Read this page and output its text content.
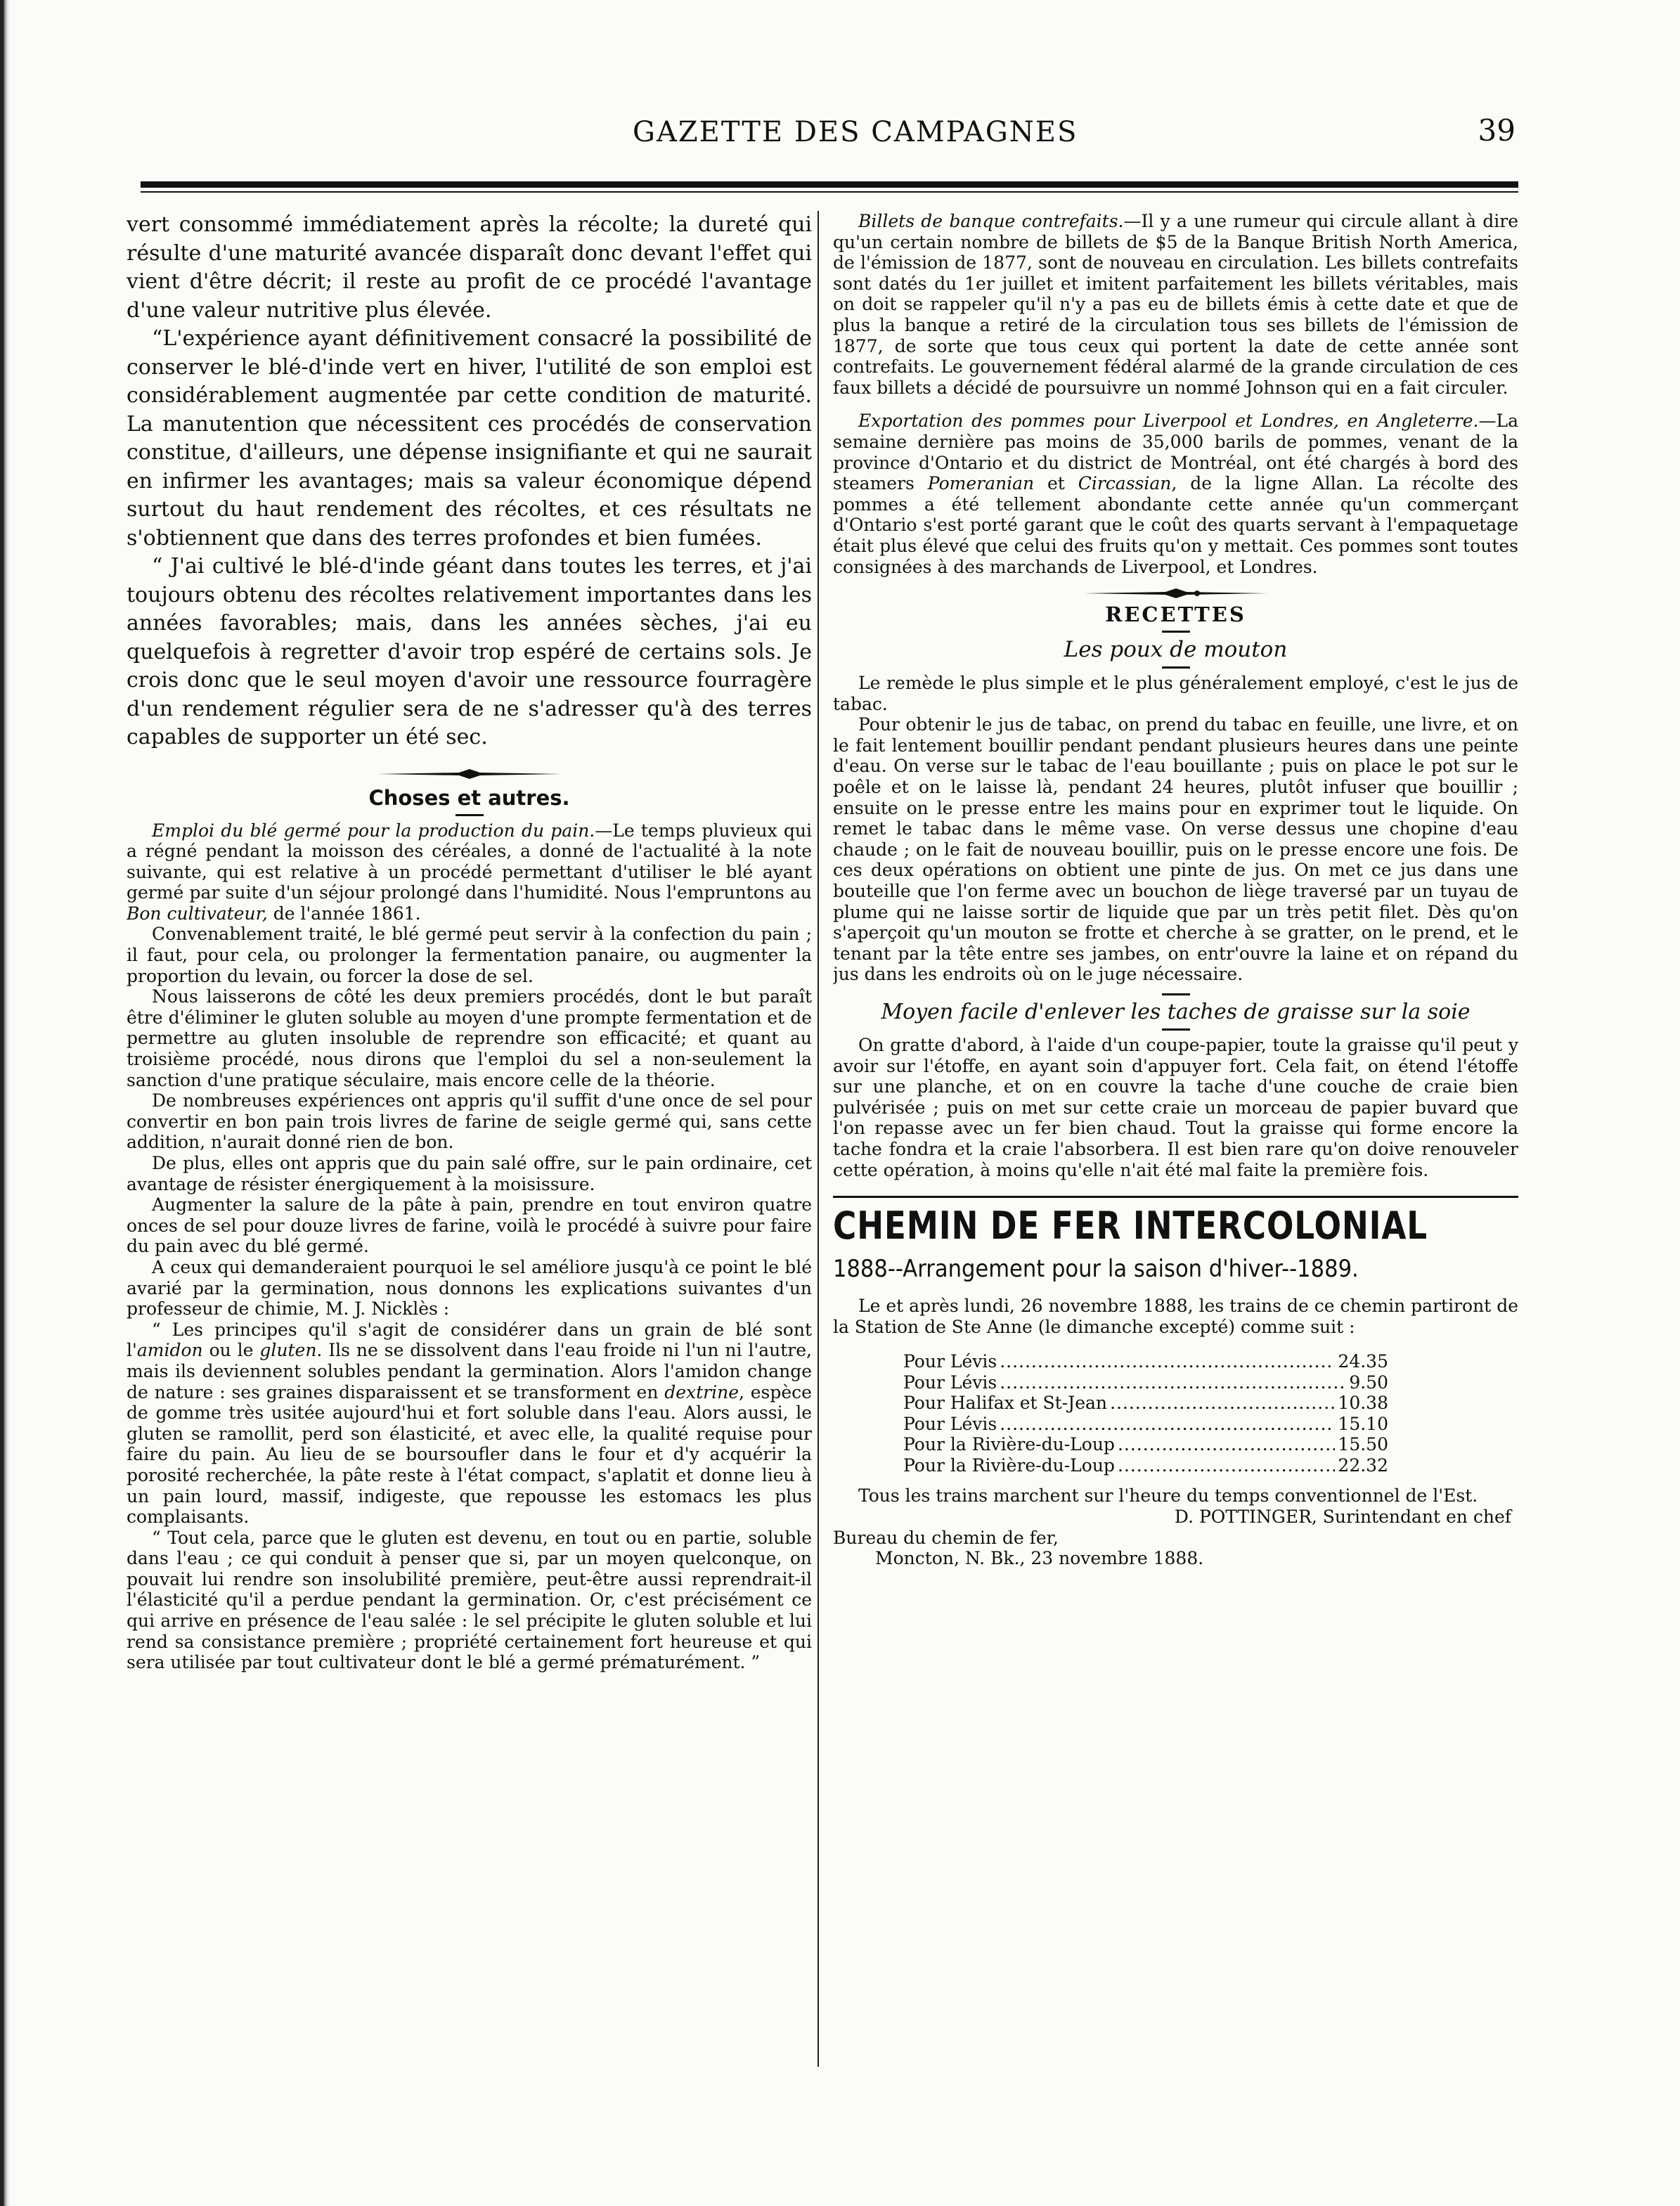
GAZETTE DES CAMPAGNES	39

vert consommé immédiatement après la récolte; la dureté qui résulte d'une maturité avancée disparaît donc devant l'effet qui vient d'être décrit; il reste au profit de ce procédé l'avantage d'une valeur nutritive plus élevée.

“L'expérience ayant définitivement consacré la possibilité de conserver le blé-d'inde vert en hiver, l'utilité de son emploi est considérablement augmentée par cette condition de maturité. La manutention que nécessitent ces procédés de conservation constitue, d'ailleurs, une dépense insignifiante et qui ne saurait en infirmer les avantages; mais sa valeur économique dépend surtout du haut rendement des récoltes, et ces résultats ne s'obtiennent que dans des terres profondes et bien fumées.

“ J'ai cultivé le blé-d'inde géant dans toutes les terres, et j'ai toujours obtenu des récoltes relativement importantes dans les années favorables; mais, dans les années sèches, j'ai eu quelquefois à regretter d'avoir trop espéré de certains sols. Je crois donc que le seul moyen d'avoir une ressource fourragère d'un rendement régulier sera de ne s'adresser qu'à des terres capables de supporter un été sec.

Choses et autres.

Emploi du blé germé pour la production du pain.—Le temps pluvieux qui a régné pendant la moisson des céréales, a donné de l'actualité à la note suivante, qui est relative à un procédé permettant d'utiliser le blé ayant germé par suite d'un séjour prolongé dans l'humidité. Nous l'empruntons au Bon cultivateur, de l'année 1861.

Convenablement traité, le blé germé peut servir à la confection du pain ; il faut, pour cela, ou prolonger la fermentation panaire, ou augmenter la proportion du levain, ou forcer la dose de sel.

Nous laisserons de côté les deux premiers procédés, dont le but paraît être d'éliminer le gluten soluble au moyen d'une prompte fermentation et de permettre au gluten insoluble de reprendre son efficacité; et quant au troisième procédé, nous dirons que l'emploi du sel a non-seulement la sanction d'une pratique séculaire, mais encore celle de la théorie.

De nombreuses expériences ont appris qu'il suffit d'une once de sel pour convertir en bon pain trois livres de farine de seigle germé qui, sans cette addition, n'aurait donné rien de bon.

De plus, elles ont appris que du pain salé offre, sur le pain ordinaire, cet avantage de résister énergiquement à la moisissure.

Augmenter la salure de la pâte à pain, prendre en tout environ quatre onces de sel pour douze livres de farine, voilà le procédé à suivre pour faire du pain avec du blé germé.

A ceux qui demanderaient pourquoi le sel améliore jusqu'à ce point le blé avarié par la germination, nous donnons les explications suivantes d'un professeur de chimie, M. J. Nicklès :

“ Les principes qu'il s'agit de considérer dans un grain de blé sont l'amidon ou le gluten. Ils ne se dissolvent dans l'eau froide ni l'un ni l'autre, mais ils deviennent solubles pendant la germination. Alors l'amidon change de nature : ses graines disparaissent et se transforment en dextrine, espèce de gomme très usitée aujourd'hui et fort soluble dans l'eau. Alors aussi, le gluten se ramollit, perd son élasticité, et avec elle, la qualité requise pour faire du pain. Au lieu de se boursoufler dans le four et d'y acquérir la porosité recherchée, la pâte reste à l'état compact, s'aplatit et donne lieu à un pain lourd, massif, indigeste, que repousse les estomacs les plus complaisants.

“ Tout cela, parce que le gluten est devenu, en tout ou en partie, soluble dans l'eau ; ce qui conduit à penser que si, par un moyen quelconque, on pouvait lui rendre son insolubilité première, peut-être aussi reprendrait-il l'élasticité qu'il a perdue pendant la germination. Or, c'est précisément ce qui arrive en présence de l'eau salée : le sel précipite le gluten soluble et lui rend sa consistance première ; propriété certainement fort heureuse et qui sera utilisée par tout cultivateur dont le blé a germé prématurément. ”

Billets de banque contrefaits.—Il y a une rumeur qui circule allant à dire qu'un certain nombre de billets de $5 de la Banque British North America, de l'émission de 1877, sont de nouveau en circulation. Les billets contrefaits sont datés du 1er juillet et imitent parfaitement les billets véritables, mais on doit se rappeler qu'il n'y a pas eu de billets émis à cette date et que de plus la banque a retiré de la circulation tous ses billets de l'émission de 1877, de sorte que tous ceux qui portent la date de cette année sont contrefaits. Le gouvernement fédéral alarmé de la grande circulation de ces faux billets a décidé de poursuivre un nommé Johnson qui en a fait circuler.

Exportation des pommes pour Liverpool et Londres, en Angleterre.—La semaine dernière pas moins de 35,000 barils de pommes, venant de la province d'Ontario et du district de Montréal, ont été chargés à bord des steamers Pomeranian et Circassian, de la ligne Allan. La récolte des pommes a été tellement abondante cette année qu'un commerçant d'Ontario s'est porté garant que le coût des quarts servant à l'empaquetage était plus élevé que celui des fruits qu'on y mettait. Ces pommes sont toutes consignées à des marchands de Liverpool, et Londres.

RECETTES
Les poux de mouton

Le remède le plus simple et le plus généralement employé, c'est le jus de tabac.

Pour obtenir le jus de tabac, on prend du tabac en feuille, une livre, et on le fait lentement bouillir pendant pendant plusieurs heures dans une peinte d'eau. On verse sur le tabac de l'eau bouillante ; puis on place le pot sur le poêle et on le laisse là, pendant 24 heures, plutôt infuser que bouillir ; ensuite on le presse entre les mains pour en exprimer tout le liquide. On remet le tabac dans le même vase. On verse dessus une chopine d'eau chaude ; on le fait de nouveau bouillir, puis on le presse encore une fois. De ces deux opérations on obtient une pinte de jus. On met ce jus dans une bouteille que l'on ferme avec un bouchon de liège traversé par un tuyau de plume qui ne laisse sortir de liquide que par un très petit filet. Dès qu'on s'aperçoit qu'un mouton se frotte et cherche à se gratter, on le prend, et le tenant par la tête entre ses jambes, on entr'ouvre la laine et on répand du jus dans les endroits où on le juge nécessaire.

Moyen facile d'enlever les taches de graisse sur la soie

On gratte d'abord, à l'aide d'un coupe-papier, toute la graisse qu'il peut y avoir sur l'étoffe, en ayant soin d'appuyer fort. Cela fait, on étend l'étoffe sur une planche, et on en couvre la tache d'une couche de craie bien pulvérisée ; puis on met sur cette craie un morceau de papier buvard que l'on repasse avec un fer bien chaud. Tout la graisse qui forme encore la tache fondra et la craie l'absorbera. Il est bien rare qu'on doive renouveler cette opération, à moins qu'elle n'ait été mal faite la première fois.

CHEMIN DE FER INTERCOLONIAL
1888--Arrangement pour la saison d'hiver--1889.

Le et après lundi, 26 novembre 1888, les trains de ce chemin partiront de la Station de Ste Anne (le dimanche excepté) comme suit :

Pour Lévis .....	24.35
Pour Lévis .....	9.50
Pour Halifax et St-Jean .....	10.38
Pour Lévis .....	15.10
Pour la Rivière-du-Loup .....	15.50
Pour la Rivière-du-Loup .....	22.32

Tous les trains marchent sur l'heure du temps conventionnel de l'Est.

D. POTTINGER, Surintendant en chef

Bureau du chemin de fer,

Moncton, N. Bk., 23 novembre 1888.
